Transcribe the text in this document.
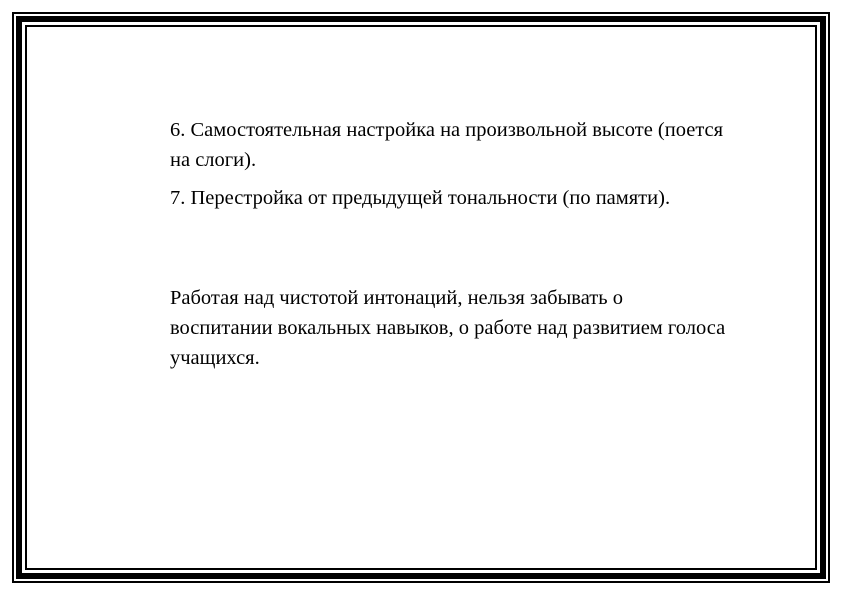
6. Самостоятельная настройка на произвольной высоте (поется на слоги).

7. Перестройка от предыдущей тональности (по памяти).

Работая над чистотой интонаций, нельзя забывать о воспитании вокальных навыков, о работе над развитием голоса учащихся.
